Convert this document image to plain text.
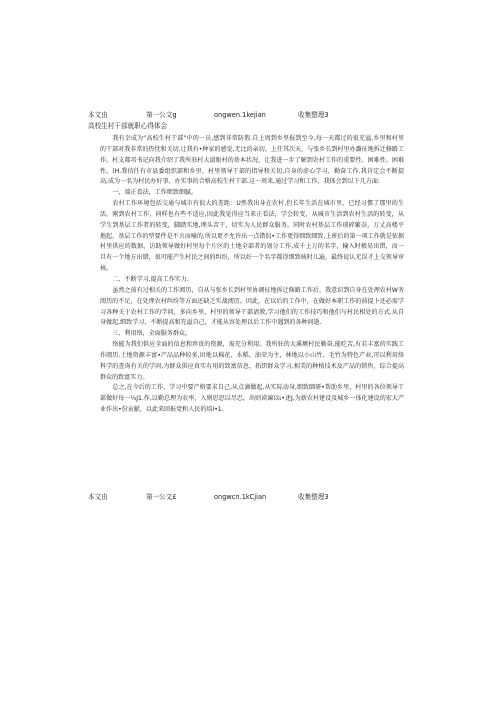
本文由	第一公文g	ongwen.1kejian	收集整理3
高校生村干部就职心得体会

我有幸成为“高校生村干部”中的一员,感到非常防假.自上周到乡里报到至今,每一天都过的很充溢,乡里和村里的干部对我非常的热忱和关切,让我有•种家的感觉,无比的亲切。上任其次天，与张乡长到村里办潞征地拆迁修路工作，村支都邛书记向我介绍了我所驻村大滠眼村的基本状况，让我进一步了解到农村工作的重要性、困难性、困难性，(H.我信任有市县委组织部和乡里、村里领导干部的指导和关切,自身的虚心学习、勤奋工作.我肯定会不断提高,成为一名为村民办好事、办实事的合格高校生村干部.这一周来,通过学习和工作，我体会到以下几方面:

一、端正看法，工作细致细腻。

农村工作环境包括交通与城市有很大的差距：U然我出身在农村,但长年生活在城市里，已经习惯了那里的生活，刚到农村工作，同样也有些不适应,因此我觉得应当来正看法，学会转变，从城市生活到农村生活的转变，从学生到基层工作者的转变，脚踏实地,埋头苦干，切实为人民群众服务。同时农村基层工作琐碎繁杂，万丈高楼平地起，基层工作的型要件是不言而喻的,所以更不允许出一点错侃•工作更得细致细致.上班后的第一项工作就是依据村里供应的数据，访助领导做好村里每个片区的土地全部者的划分工作,成千上万的名字，输入时极易出错，而一旦有一个地方出错，很可能产生村民之间的纠纷，所以好一个名字都得细致核时儿遍，最终说认无误才上交领导审核。

二、不断学习,提高工作实力.

虽然之前有过相关的工作阅历，自从与张乡长到村里协调征地拆迁修路工作后，我意识到自身在处理农村W务阅历的不足，在处理农村纠纷等方面还缺乏实战阅历。因此，在以后的工作中，在做好本职工作的前提卜还必需学习各种关于农村工作的学问，多向乡里、村里的领导干部请教,学习他们的工作技巧和他们与村民相处的方式.从自身做起,细致学习，不断提高和充溢自己，才能从容处理以后工作中遇到的各种问逝.

三、利用络，全面服务群众。

络能为我们供应全面的信息和珍贵的资源，需充分利用。我所驻的大溪厥村民勤奋,能吃苦,有若丰富的实践工作阅历.土地资源丰富•产品品种较多,田地以棉花、水稻、油荣为主，林地以小山竹、毛竹为特色产业,可以利用络科学的查询有关的学问,为群众供应真实有用的致富信息，拓织群众学习,相美的种植技术及产品的销售，综合提高群众的致富实力。

总之,在今后的工作、学习中要产格要求自己,从点滴做起,从实际动身,细致圜研•帮助乡里、村里的各位领导干部做好每一¼J1.作,以勤总理为农率，入则思思以尽忠，出则谟谏以ι•述J,为新农村建设及城乡一体化建设的宏大产业作出•份贡献，以此来回报党和人民的培I•1.

本文由	第一公文£	ongwcn.1kCjian	收集整理3
